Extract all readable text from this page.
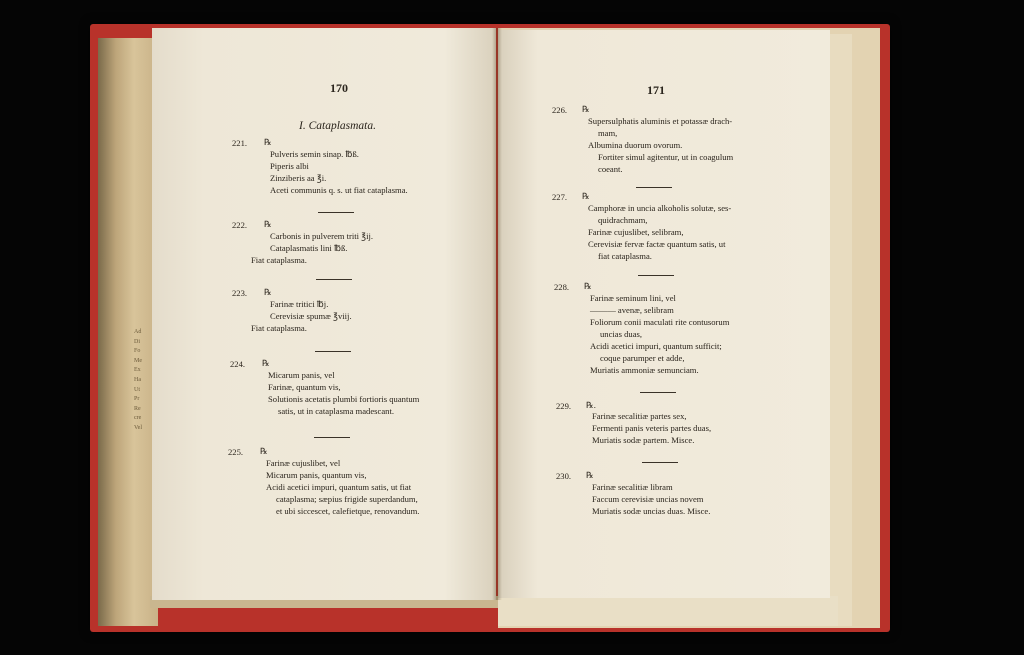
Ad
Di
Fo
Me
Ex
Ha
Ut
Pr
Re
cre
Vel
170
I. Cataplasmata.
221. ℞
Pulveris semin sinap. ℔ß.
Piperis albi
Zinziberis aa ℥i.
Aceti communis q. s. ut fiat cataplasma.
222. ℞
Carbonis in pulverem triti ℥ij.
Cataplasmatis lini ℔ß.
Fiat cataplasma.
223. ℞
Farinæ tritici ℔j.
Cerevisiæ spumæ ℥viij.
Fiat cataplasma.
224. ℞
Micarum panis, vel
Farinæ, quantum vis,
Solutionis acetatis plumbi fortioris quantum
satis, ut in cataplasma madescant.
225. ℞
Farinæ cujuslibet, vel
Micarum panis, quantum vis,
Acidi acetici impuri, quantum satis, ut fiat
cataplasma; sæpius frigide superdandum,
et ubi siccescet, calefietque, renovandum.
171
226. ℞
Supersulphatis aluminis et potassæ drach-
mam,
Albumina duorum ovorum.
Fortiter simul agitentur, ut in coagulum
coeant.
227. ℞
Camphoræ in uncia alkoholis solutæ, ses-
quidrachmam,
Farinæ cujuslibet, selibram,
Cerevisiæ fervæ factæ quantum satis, ut
fiat cataplasma.
228. ℞
Farinæ seminum lini, vel
——— avenæ, selibram
Foliorum conii maculati rite contusorum
uncias duas,
Acidi acetici impuri, quantum sufficit;
coque parumper et adde,
Muriatis ammoniæ semunciam.
229. ℞.
Farinæ secalitiæ partes sex,
Fermenti panis veteris partes duas,
Muriatis sodæ partem. Misce.
230. ℞
Farinæ secalitiæ libram
Faccum cerevisiæ uncias novem
Muriatis sodæ uncias duas. Misce.
